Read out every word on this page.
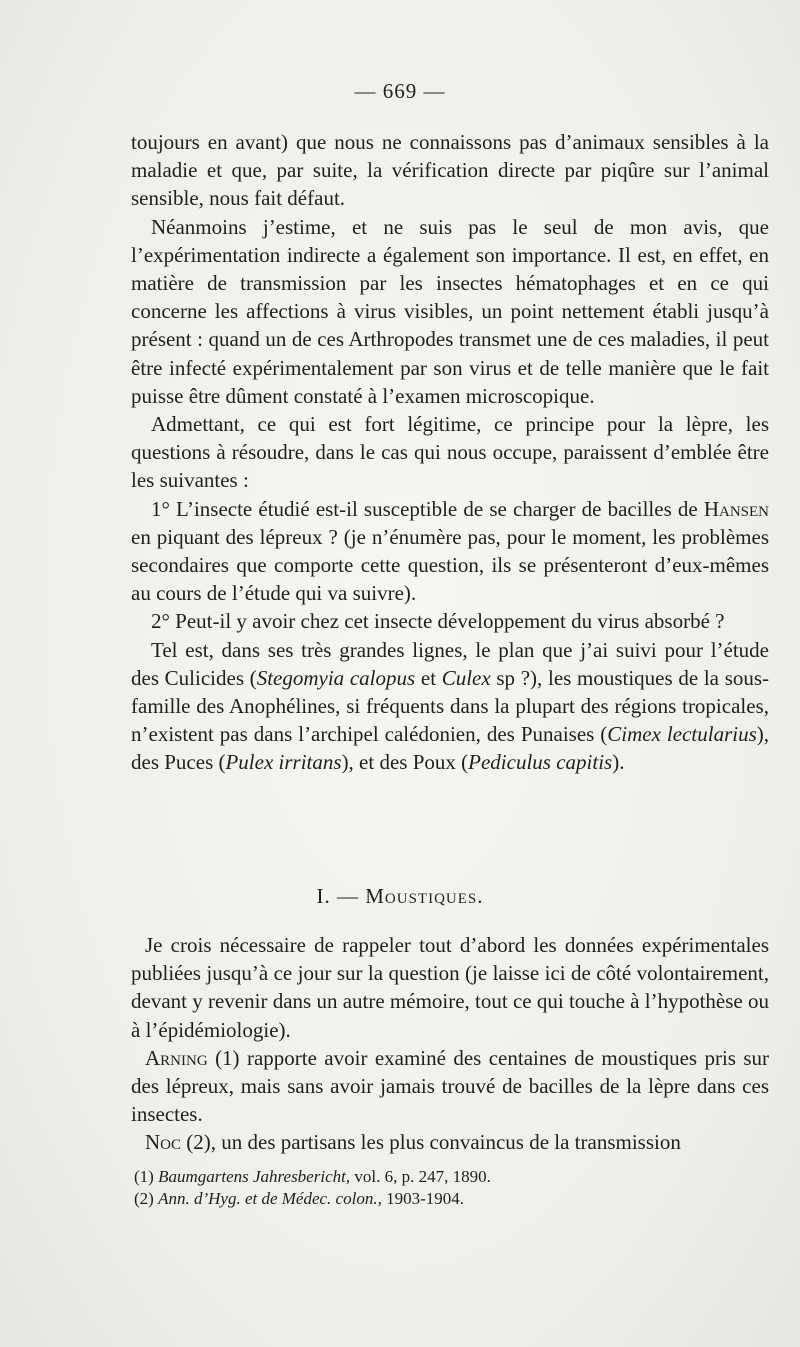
— 669 —

toujours en avant) que nous ne connaissons pas d’animaux sensibles à la maladie et que, par suite, la vérification directe par piqûre sur l’animal sensible, nous fait défaut.

Néanmoins j’estime, et ne suis pas le seul de mon avis, que l’expérimentation indirecte a également son importance. Il est, en effet, en matière de transmission par les insectes hématophages et en ce qui concerne les affections à virus visibles, un point nettement établi jusqu’à présent : quand un de ces Arthropodes transmet une de ces maladies, il peut être infecté expérimentalement par son virus et de telle manière que le fait puisse être dûment constaté à l’examen microscopique.

Admettant, ce qui est fort légitime, ce principe pour la lèpre, les questions à résoudre, dans le cas qui nous occupe, paraissent d’emblée être les suivantes :

1° L’insecte étudié est-il susceptible de se charger de bacilles de Hansen en piquant des lépreux ? (je n’énumère pas, pour le moment, les problèmes secondaires que comporte cette question, ils se présenteront d’eux-mêmes au cours de l’étude qui va suivre).

2° Peut-il y avoir chez cet insecte développement du virus absorbé ?

Tel est, dans ses très grandes lignes, le plan que j’ai suivi pour l’étude des Culicides (Stegomyia calopus et Culex sp ?), les moustiques de la sous-famille des Anophélines, si fréquents dans la plupart des régions tropicales, n’existent pas dans l’archipel calédonien, des Punaises (Cimex lectularius), des Puces (Pulex irritans), et des Poux (Pediculus capitis).

I. — Moustiques.

Je crois nécessaire de rappeler tout d’abord les données expérimentales publiées jusqu’à ce jour sur la question (je laisse ici de côté volontairement, devant y revenir dans un autre mémoire, tout ce qui touche à l’hypothèse ou à l’épidémiologie).

Arning (1) rapporte avoir examiné des centaines de moustiques pris sur des lépreux, mais sans avoir jamais trouvé de bacilles de la lèpre dans ces insectes.

Noc (2), un des partisans les plus convaincus de la transmission

(1) Baumgartens Jahresbericht, vol. 6, p. 247, 1890.

(2) Ann. d’Hyg. et de Médec. colon., 1903-1904.
